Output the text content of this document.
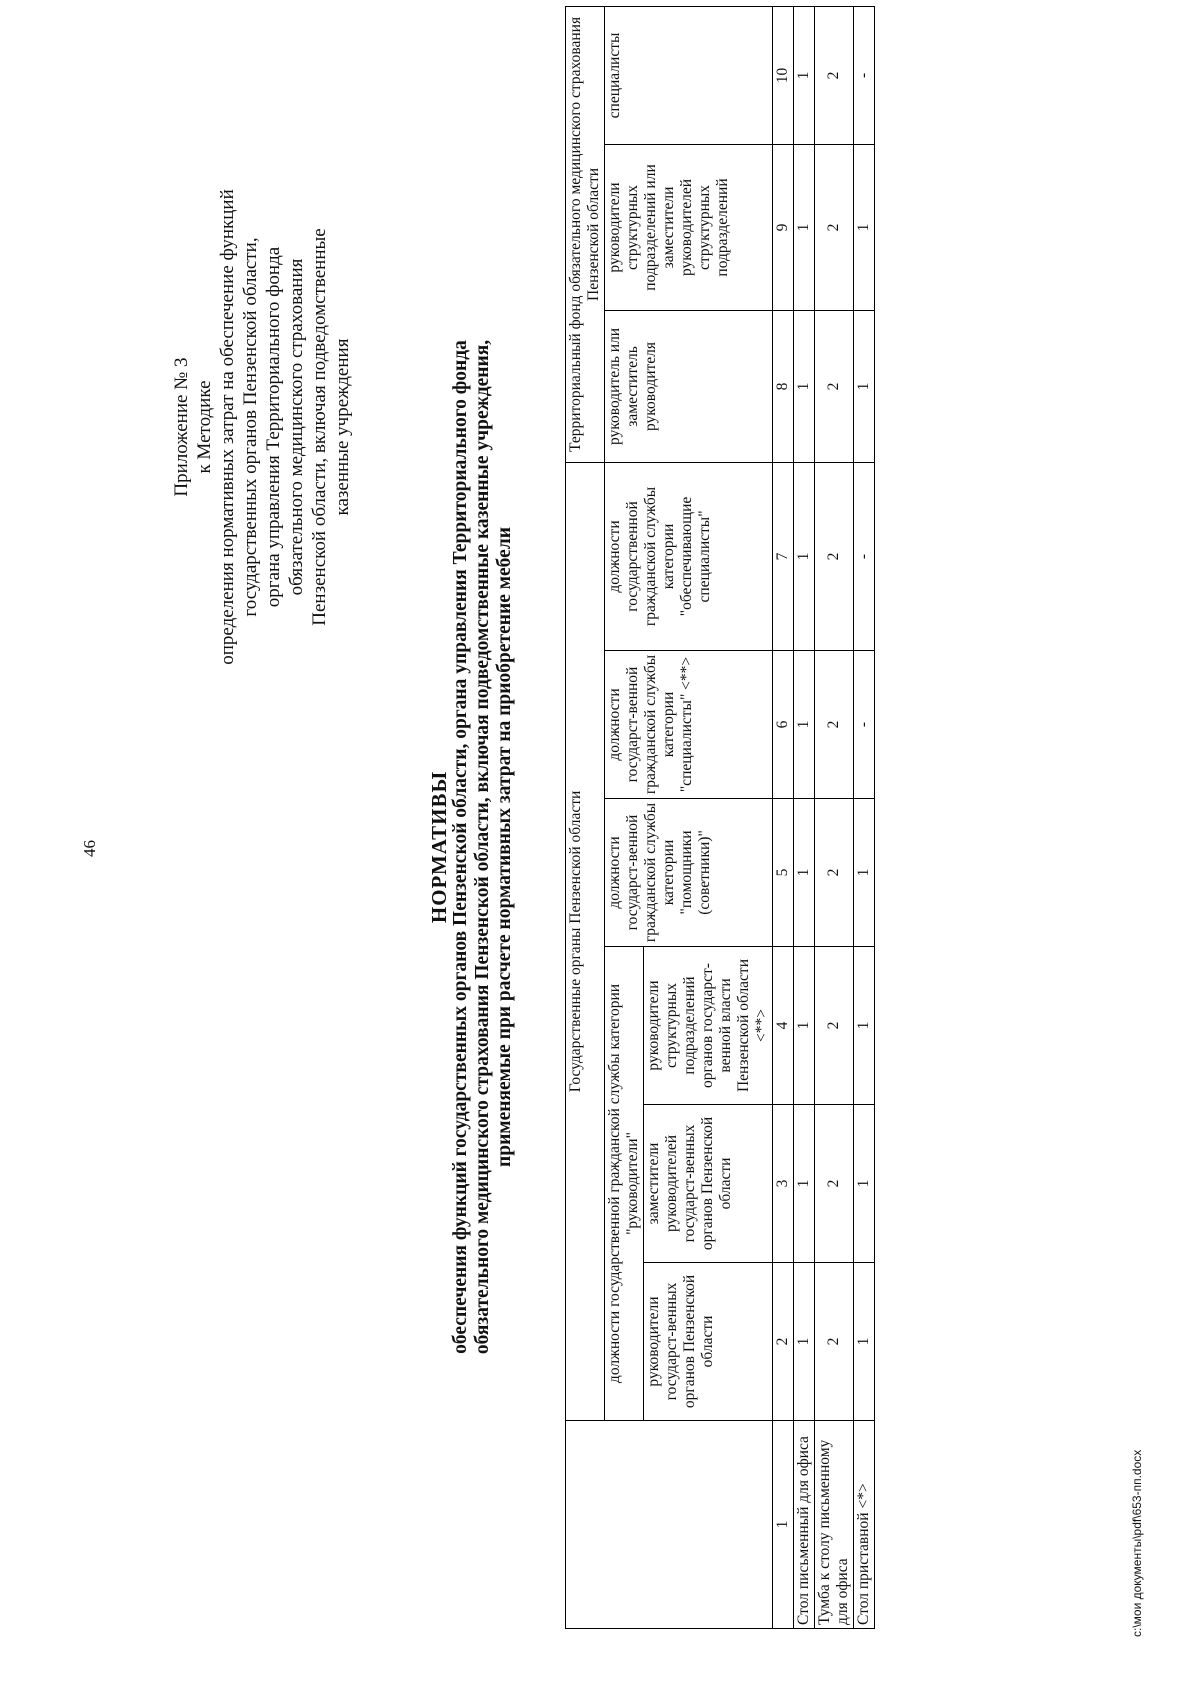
46
Приложение № 3 к Методике определения нормативных затрат на обеспечение функций государственных органов Пензенской области, органа управления Территориального фонда обязательного медицинского страхования Пензенской области, включая подведомственные казенные учреждения
НОРМАТИВЫ обеспечения функций государственных органов Пензенской области, органа управления Территориального фонда обязательного медицинского страхования Пензенской области, включая подведомственные казенные учреждения, применяемые при расчете нормативных затрат на приобретение мебели
		Государственные органы Пензенской области						Территориальный фонд обязательного медицинского страхования Пензенской области		
	должности государственной гражданской службы категории "руководители"			должности государст-венной гражданской службы категории "помощники (советники)"	должности государст-венной гражданской службы категории "специалисты" <**>	должности государственной гражданской службы категории "обеспечивающие специалисты"	руководитель или заместитель руководителя	руководители структурных подразделений или заместители руководителей структурных подразделений	специалисты
	руководители государст-венных органов Пензенской области	заместители руководителей государст-венных органов Пензенской области	руководители структурных подразделений органов государст-венной власти Пензенской области <**>						
1	2	3	4	5	6	7	8	9	10
Стол письменный для офиса	1	1	1	1	1	1	1	1	1
Тумба к столу письменному для офиса	2	2	2	2	2	2	2	2	2
Стол приставной <*>	1	1	1	1	-	-	1	1	-
c:\мои документы\pdf\653-пп.docx
